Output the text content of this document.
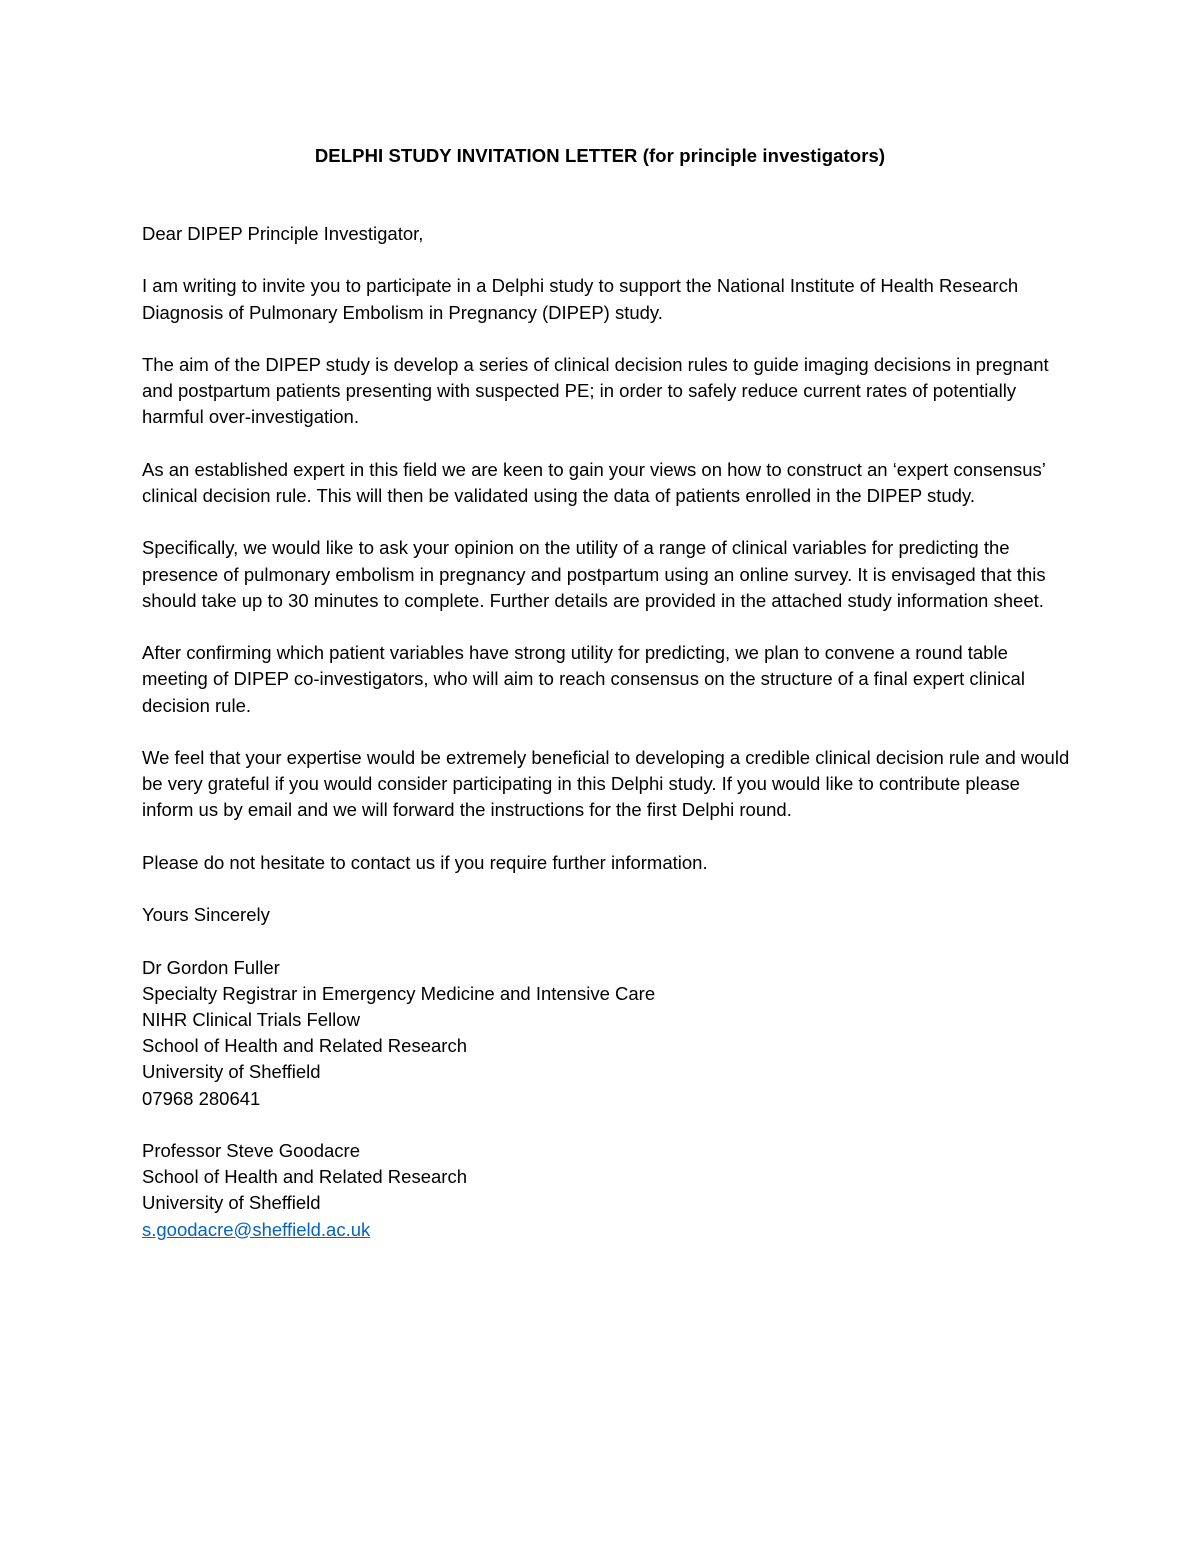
DELPHI STUDY INVITATION LETTER (for principle investigators)

Dear DIPEP Principle Investigator,

I am writing to invite you to participate in a Delphi study to support the National Institute of Health Research Diagnosis of Pulmonary Embolism in Pregnancy (DIPEP) study.

The aim of the DIPEP study is develop a series of clinical decision rules to guide imaging decisions in pregnant and postpartum patients presenting with suspected PE; in order to safely reduce current rates of potentially harmful over-investigation.

As an established expert in this field we are keen to gain your views on how to construct an ‘expert consensus’ clinical decision rule. This will then be validated using the data of patients enrolled in the DIPEP study.

Specifically, we would like to ask your opinion on the utility of a range of clinical variables for predicting the presence of pulmonary embolism in pregnancy and postpartum using an online survey. It is envisaged that this should take up to 30 minutes to complete. Further details are provided in the attached study information sheet.

After confirming which patient variables have strong utility for predicting, we plan to convene a round table meeting of DIPEP co-investigators, who will aim to reach consensus on the structure of a final expert clinical decision rule.

We feel that your expertise would be extremely beneficial to developing a credible clinical decision rule and would be very grateful if you would consider participating in this Delphi study. If you would like to contribute please inform us by email and we will forward the instructions for the first Delphi round.

Please do not hesitate to contact us if you require further information.

Yours Sincerely

Dr Gordon Fuller
Specialty Registrar in Emergency Medicine and Intensive Care
NIHR Clinical Trials Fellow
School of Health and Related Research
University of Sheffield
07968 280641
Professor Steve Goodacre
School of Health and Related Research
University of Sheffield
s.goodacre@sheffield.ac.uk
